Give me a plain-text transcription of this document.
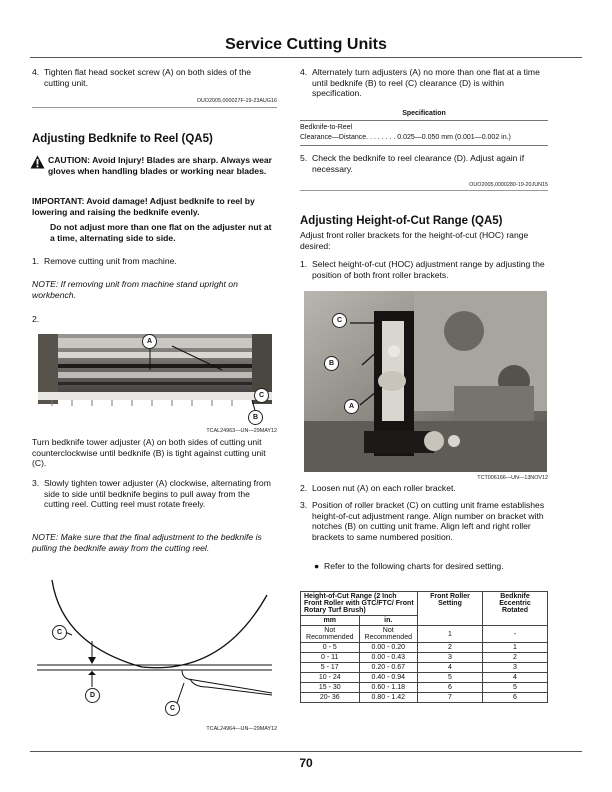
Service Cutting Units
4. Tighten flat head socket screw (A) on both sides of the cutting unit.
OUO2005,000027F-19-23AUG16
Adjusting Bedknife to Reel (QA5)
CAUTION: Avoid Injury! Blades are sharp. Always wear gloves when handling blades or working near blades.
IMPORTANT: Avoid damage! Adjust bedknife to reel by lowering and raising the bedknife evenly.
Do not adjust more than one flat on the adjuster nut at a time, alternating side to side.
1. Remove cutting unit from machine.
NOTE: If removing unit from machine stand upright on workbench.
2.
A
C
B
TCAL24963—UN—29MAY12
Turn bedknife tower adjuster (A) on both sides of cutting unit counterclockwise until bedknife (B) is tight against cutting unit (C).
3. Slowly tighten tower adjuster (A) clockwise, alternating from side to side until bedknife begins to pull away from the cutting reel. Cutting reel must rotate freely.
NOTE: Make sure that the final adjustment to the bedknife is pulling the bedknife away from the cutting reel.
C
D
C
TCAL24964—UN—29MAY12
4. Alternately turn adjusters (A) no more than one flat at a time until bedknife (B) to reel (C) clearance (D) is within specification.
Specification
Bedknife-to-Reel
Clearance—Distance. . . . . . . . 0.025—0.050 mm (0.001—0.002 in.)
5. Check the bedknife to reel clearance (D). Adjust again if necessary.
OUO2005,0000280-19-20JUN15
Adjusting Height-of-Cut Range (QA5)
Adjust front roller brackets for the height-of-cut (HOC) range desired:
1. Select height-of-cut (HOC) adjustment range by adjusting the position of both front roller brackets.
C
B
A
TCT006166—UN—13NOV12
2. Loosen nut (A) on each roller bracket.
3. Position of roller bracket (C) on cutting unit frame establishes height-of-cut adjustment range. Align number on bracket with notches (B) on cutting unit frame. Align left and right roller brackets to same numbered position.
● Refer to the following charts for desired setting.
Height-of-Cut Range (2 Inch Front Roller with GTC/FTC/ Front Rotary Turf Brush)		Front Roller Setting	Bedknife Eccentric Rotated
mm	in.		
Not Recommended	Not Recommended	1	-
0 - 5	0.00 - 0.20	2	1
0 - 11	0.00 - 0.43	3	2
5 - 17	0.20 - 0.67	4	3
10 - 24	0.40 - 0.94	5	4
15 - 30	0.60 - 1.18	6	5
20- 36	0.80 - 1.42	7	6
70
